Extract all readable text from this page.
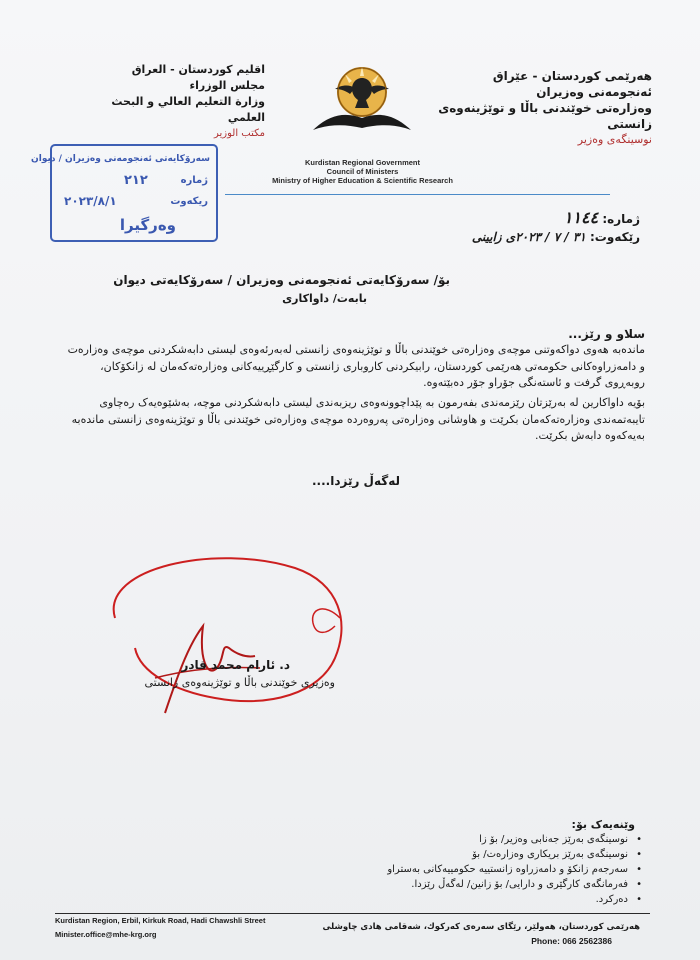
هەرێمی كوردستان - عێراق
ئەنجومەنی وەزیران
وەزارەتی خوێندنی باڵا و توێژینەوەی زانستی
نوسینگەی وەزیر
اقليم كوردستان - العراق
مجلس الوزراء
وزارة التعليم العالي و البحث العلمي
مكتب الوزير
Kurdistan Regional Government
Council of Ministers
Ministry of Higher Education & Scientific Research
سەرۆكایەتی ئەنجومەنی وەزیران / دیوان
ژمارە
٢١٢
ریكەوت
٢٠٢٣/٨/١
وەرگیرا	ژمارە: ١١٤٤
رێكەوت: ٣١ / ٧ / ٢٠٢٣ی زایینی
بۆ/ سەرۆكایەتی ئەنجومەنی وەزیران / سەرۆكایەتی دیوان
بابەت/ داواكاری
سلاو و رێز...
ماندەبە هەوی دواكەوتنی موچەی وەزارەتی خوێندنی باڵا و توێژینەوەی زانستی لەبەرئەوەی لیستی دابەشكردنی موچەی وەزارەت و دامەزراوەكانی حكومەتی هەرێمی كوردستان، رابیكردنی كاروباری زانستی و كارگێڕییەكانی وەزارەتەكەمان لە زانكۆكان، روبەڕوی گرفت و ئاستەنگی جۆراو جۆر دەبێتەوە.
بۆیە داواكارین لە بەرێزتان رێزمەندی بفەرمون بە پێداچوونەوەی ریزبەندی لیستی دابەشكردنی موچە، بەشێوەیەک رەچاوی تایبەتمەندی وەزارەتەكەمان بكرێت و هاوشانی وەزارەتی پەروەردە موچەی وەزارەتی خوێندنی باڵا و توێژینەوەی زانستی ماندەبە بەیەكەوە دابەش بكرێت.
لەگەڵ رێزدا....
د. ئارام محمد قادر
وەزیری خوێندنی باڵا و توێژینەوەی زانستی
وێنەیەک بۆ:
• نوسینگەی بەرێز جەنابی وەزیر/ بۆ زا
• نوسینگەی بەرێز بریكاری وەزارەت/ بۆ
• سەرجەم زانكۆ و دامەزراوە زانستییە حكومییەكانی بەستراو
• فەرمانگەی كارگێری و دارایی/ بۆ زانین/ لەگەڵ رێزدا.
• دەركرد.
Kurdistan Region, Erbil, Kirkuk Road, Hadi Chawshli Street
Minister.office@mhe-krg.org
هەرێمی كوردستان، هەولێر، رێگای سەرەی كەركوك، شەقامی هادی چاوشلی
Phone: 066 2562386
